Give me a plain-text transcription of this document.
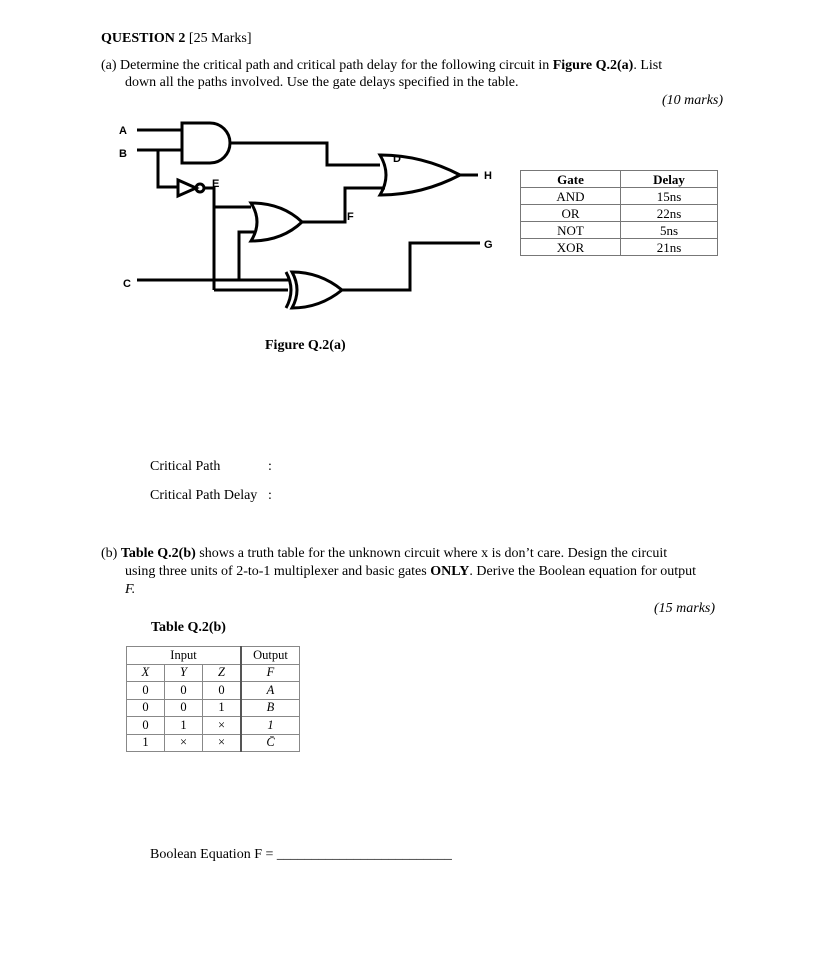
QUESTION 2 [25 Marks]
(a) Determine the critical path and critical path delay for the following circuit in Figure Q.2(a). List
down all the paths involved. Use the gate delays specified in the table.
(10 marks)
A
B
C
D
E
F
H
G
Gate	Delay
AND	15ns
OR	22ns
NOT	5ns
XOR	21ns
Figure Q.2(a)
Critical Path	:
Critical Path Delay :
(b) Table Q.2(b) shows a truth table for the unknown circuit where x is don’t care. Design the circuit
using three units of 2-to-1 multiplexer and basic gates ONLY. Derive the Boolean equation for output
F.
(15 marks)
Table Q.2(b)
Input			Output
X	Y	Z	F
0	0	0	A
0	0	1	B
0	1	×	1
1	×	×	C̄
Boolean Equation F = _________________________
